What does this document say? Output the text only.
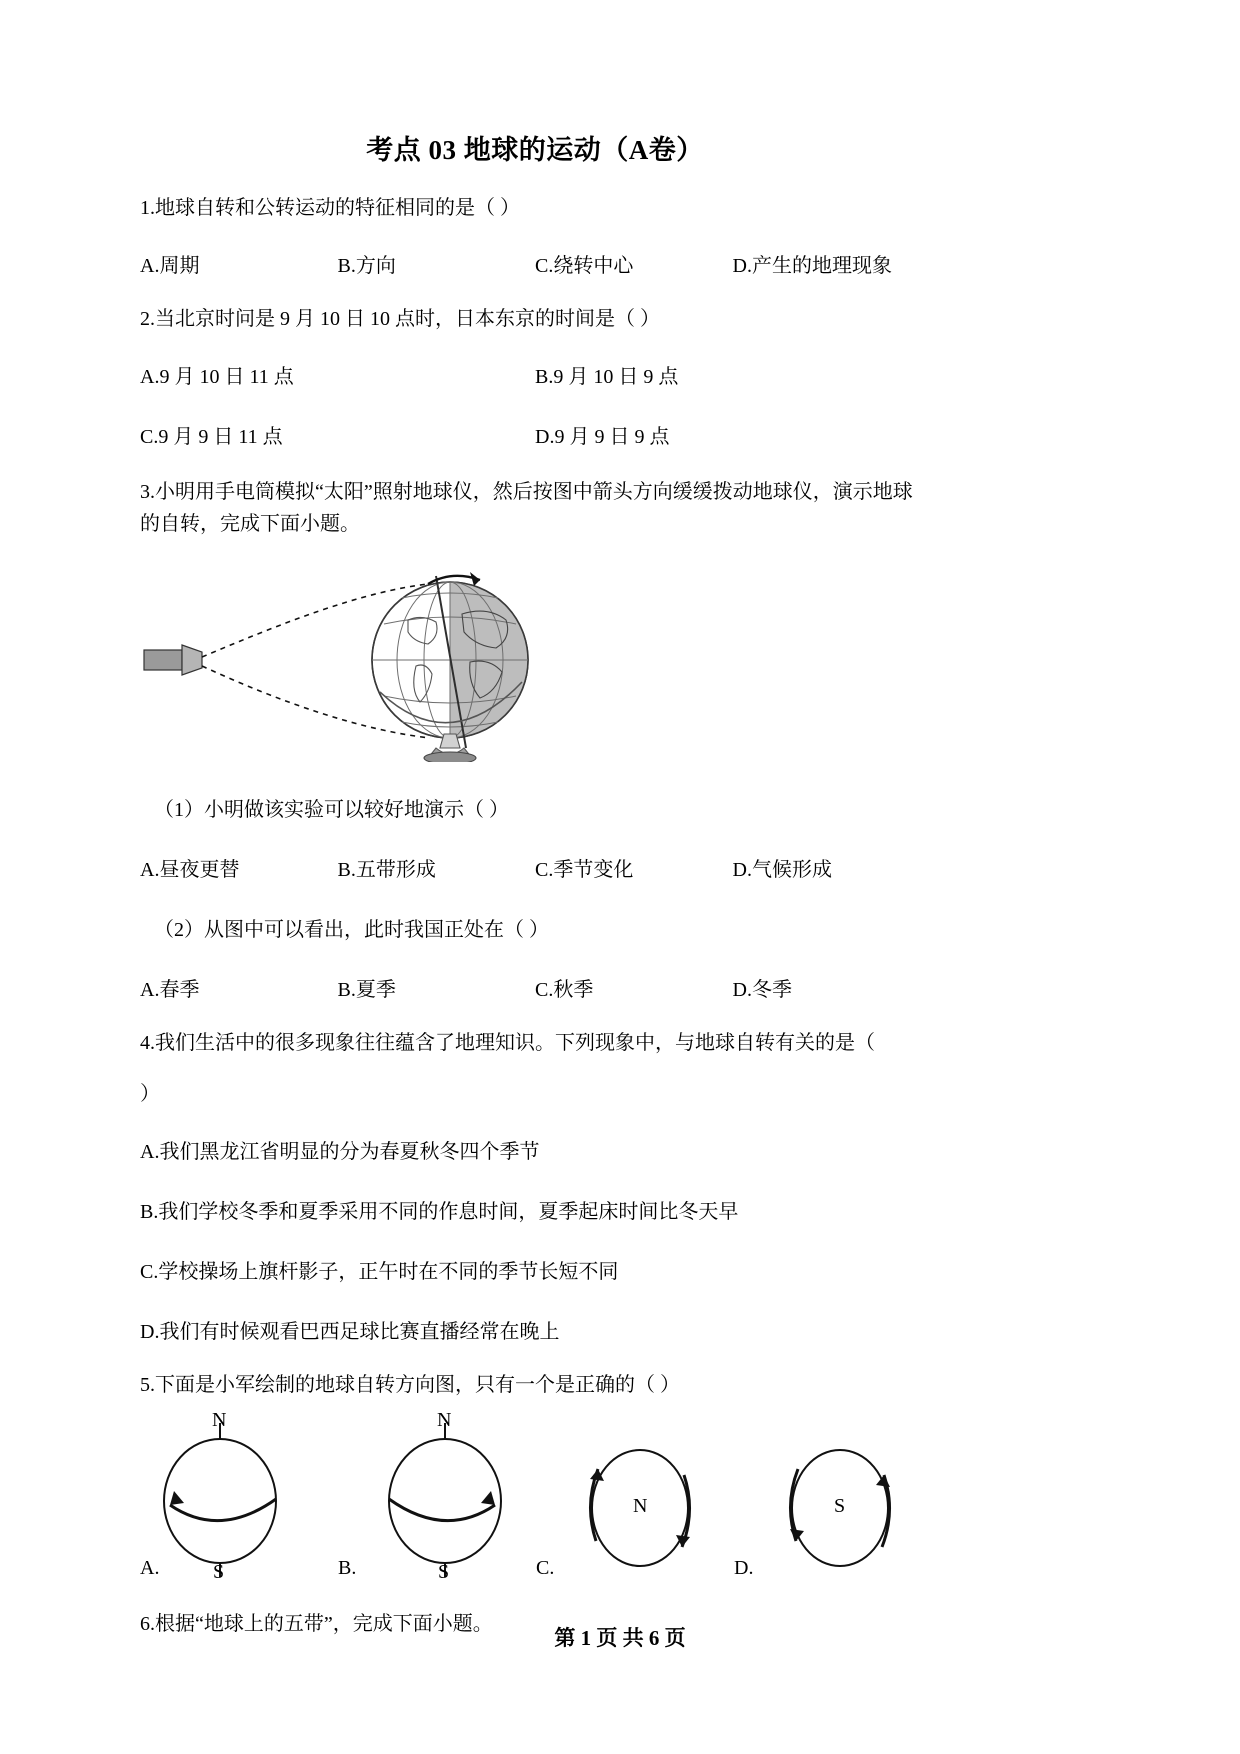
考点 03 地球的运动（A卷）
1.地球自转和公转运动的特征相同的是（ ）
A.周期	B.方向	C.绕转中心	D.产生的地理现象
2.当北京时问是 9 月 10 日 10 点时，日本东京的时间是（ ）
A.9 月 10 日 11 点	B.9 月 10 日 9 点
C.9 月 9 日 11 点	D.9 月 9 日 9 点
3.小明用手电筒模拟“太阳”照射地球仪，然后按图中箭头方向缓缓拨动地球仪，演示地球的自转，完成下面小题。
（1）小明做该实验可以较好地演示（ ）
A.昼夜更替	B.五带形成	C.季节变化	D.气候形成
（2）从图中可以看出，此时我国正处在（ ）
A.春季	B.夏季	C.秋季	D.冬季
4.我们生活中的很多现象往往蕴含了地理知识。下列现象中，与地球自转有关的是（
）
A.我们黑龙江省明显的分为春夏秋冬四个季节
B.我们学校冬季和夏季采用不同的作息时间，夏季起床时间比冬天早
C.学校操场上旗杆影子，正午时在不同的季节长短不同
D.我们有时候观看巴西足球比赛直播经常在晚上
5.下面是小军绘制的地球自转方向图，只有一个是正确的（ ）
N
S
N
S
N	S
A.	B.	C.	D.
6.根据“地球上的五带”，完成下面小题。
第 1 页 共 6 页
